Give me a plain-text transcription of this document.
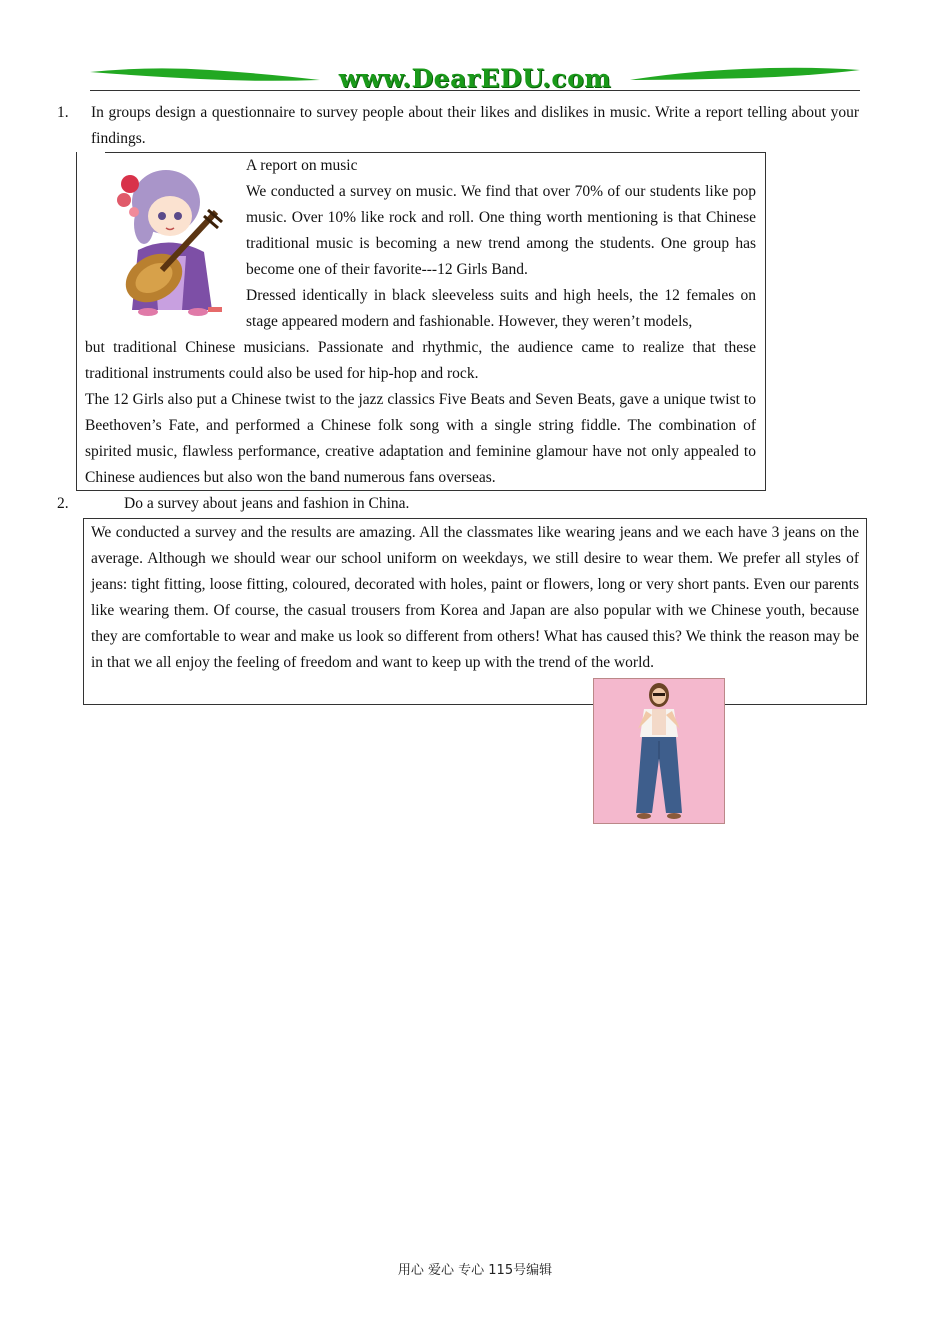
www.DearEDU.com
1. In groups design a questionnaire to survey people about their likes and dislikes in music. Write a report telling about your findings.

A report on music

We conducted a survey on music. We find that over 70% of our students like pop music. Over 10% like rock and roll. One thing worth mentioning is that Chinese traditional music is becoming a new trend among the students. One group has become one of their favorite---12 Girls Band.

Dressed identically in black sleeveless suits and high heels, the 12 females on stage appeared modern and fashionable. However, they weren’t models,

but traditional Chinese musicians. Passionate and rhythmic, the audience came to realize that these traditional instruments could also be used for hip-hop and rock.

The 12 Girls also put a Chinese twist to the jazz classics Five Beats and Seven Beats, gave a unique twist to Beethoven’s Fate, and performed a Chinese folk song with a single string fiddle. The combination of spirited music, flawless performance, creative adaptation and feminine glamour have not only appealed to Chinese audiences but also won the band numerous fans overseas.

2.	Do a survey about jeans and fashion in China.

We conducted a survey and the results are amazing. All the classmates like wearing jeans and we each have 3 jeans on the average. Although we should wear our school uniform on weekdays, we still desire to wear them. We prefer all styles of jeans: tight fitting, loose fitting, coloured, decorated with holes, paint or flowers, long or very short pants. Even our parents like wearing them. Of course, the casual trousers from Korea and Japan are also popular with we Chinese youth, because they are comfortable to wear and make us look so different from others! What has caused this? We think the reason may be in that we all enjoy the feeling of freedom and want to keep up with the trend of the world.

用心 爱心 专心 115号编辑
